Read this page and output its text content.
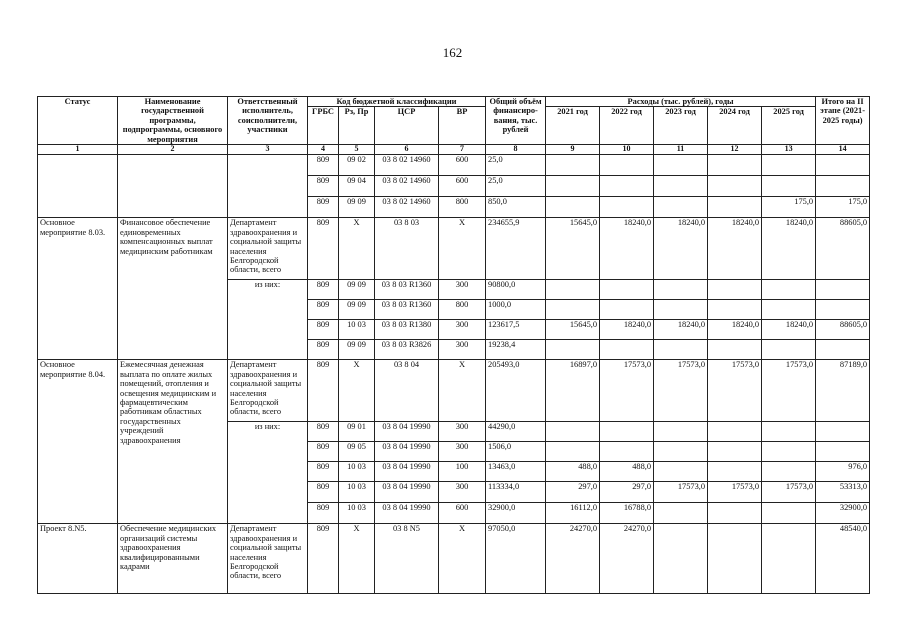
162
Статус	Наименование государственной программы, подпрограммы, основного мероприятия	Ответственный исполнитель, соисполнители, участники	Код бюджетной классификации				Общий объём финансиро-вания, тыс. рублей	Расходы (тыс. рублей), годы					Итого на II этапе (2021-2025 годы)
			ГРБС	Рз, Пр	ЦСР	ВР		2021 год	2022 год	2023 год	2024 год	2025 год	
1	2	3	4	5	6	7	8	9	10	11	12	13	14
			809	09 02	03 8 02 14960	600	25,0						
			809	09 04	03 8 02 14960	600	25,0						
			809	09 09	03 8 02 14960	800	850,0					175,0	175,0
Основное мероприятие 8.03.	Финансовое обеспечение единовременных компенсационных выплат медицинским работникам	Департамент здравоохранения и социальной защиты населения Белгородской области, всего	809	Х	03 8 03	Х	234655,9	15645,0	18240,0	18240,0	18240,0	18240,0	88605,0
		из них:	809	09 09	03 8 03 R1360	300	90800,0						
			809	09 09	03 8 03 R1360	800	1000,0						
			809	10 03	03 8 03 R1380	300	123617,5	15645,0	18240,0	18240,0	18240,0	18240,0	88605,0
			809	09 09	03 8 03 R3826	300	19238,4						
Основное мероприятие 8.04.	Ежемесячная денежная выплата по оплате жилых помещений, отопления и освещения медицинским и фармацевтическим работникам областных государственных учреждений здравоохранения	Департамент здравоохранения и социальной защиты населения Белгородской области, всего	809	Х	03 8 04	Х	205493,0	16897,0	17573,0	17573,0	17573,0	17573,0	87189,0
		из них:	809	09 01	03 8 04 19990	300	44290,0						
			809	09 05	03 8 04 19990	300	1506,0						
			809	10 03	03 8 04 19990	100	13463,0	488,0	488,0				976,0
			809	10 03	03 8 04 19990	300	113334,0	297,0	297,0	17573,0	17573,0	17573,0	53313,0
			809	10 03	03 8 04 19990	600	32900,0	16112,0	16788,0				32900,0
Проект 8.N5.	Обеспечение медицинских организаций системы здравоохранения квалифицированными кадрами	Департамент здравоохранения и социальной защиты населения Белгородской области, всего	809	Х	03 8 N5	Х	97050,0	24270,0	24270,0				48540,0
